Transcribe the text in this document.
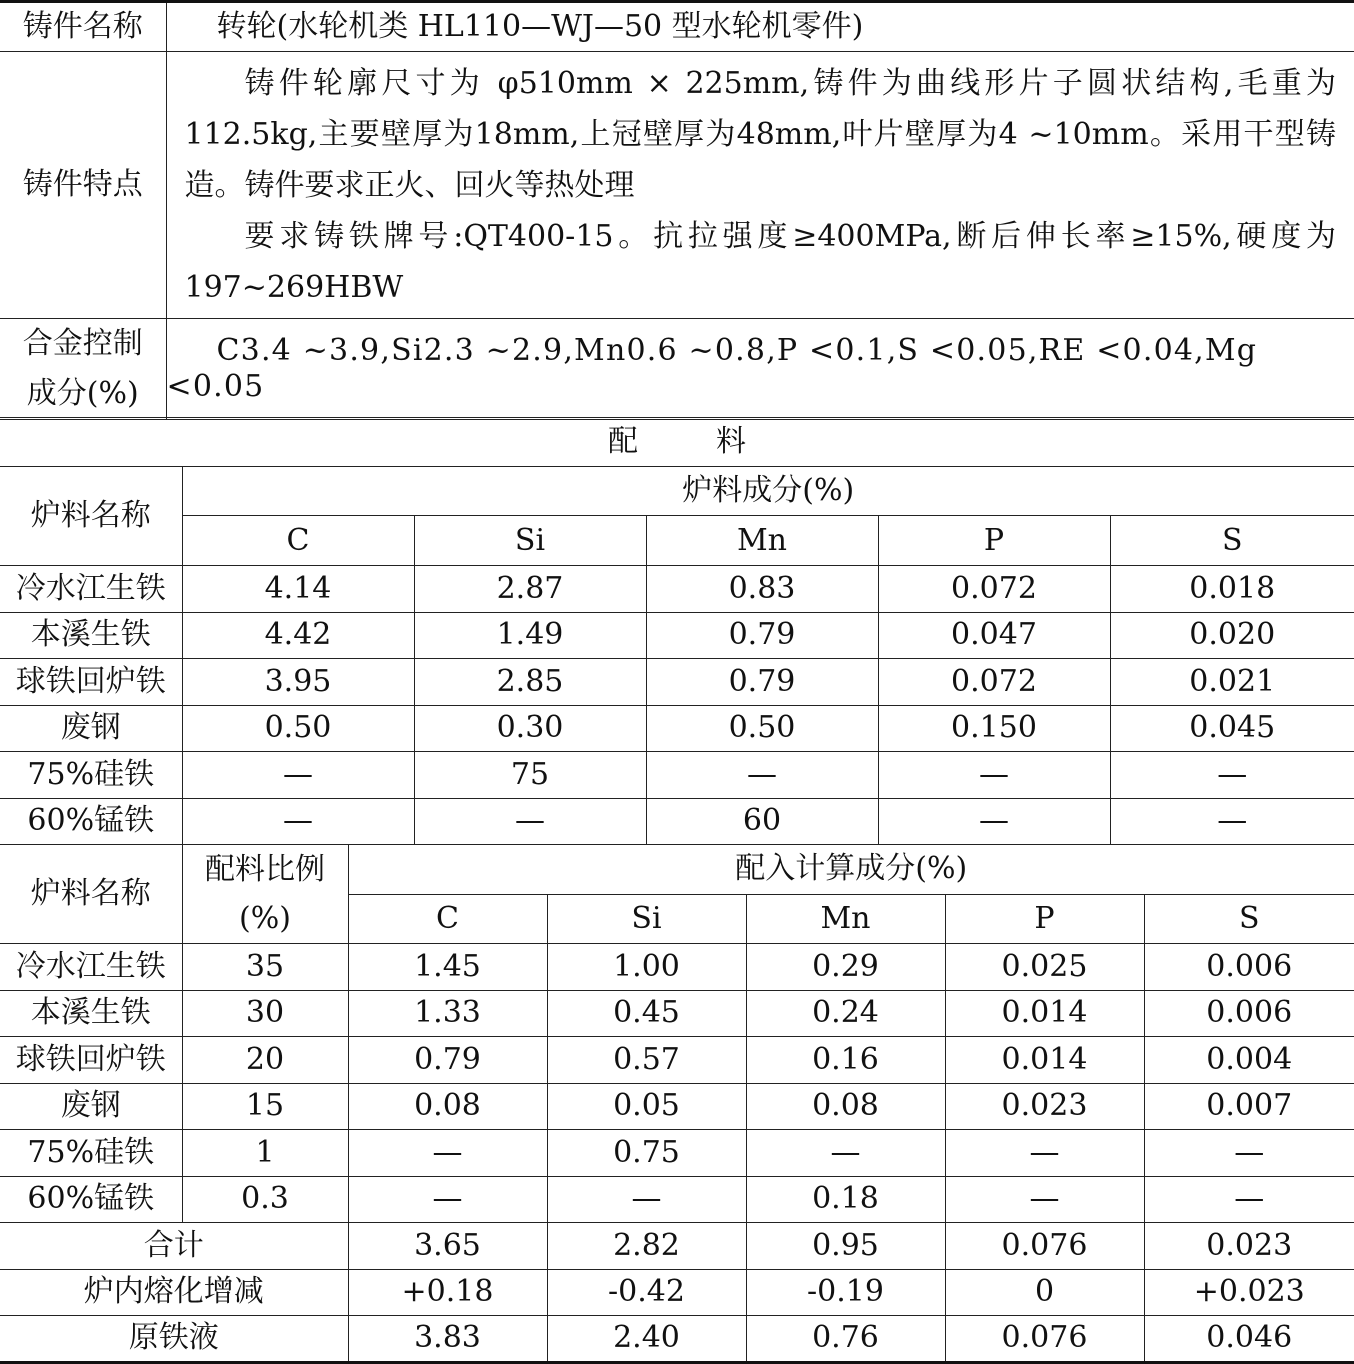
铸件名称	转轮(水轮机类 HL110—WJ—50 型水轮机零件)
铸件特点	铸件轮廓尺寸为 φ510mm × 225mm,铸件为曲线形片子圆状结构,毛重为112.5kg,主要壁厚为18mm,上冠壁厚为48mm,叶片壁厚为4 ~10mm。采用干型铸造。铸件要求正火、回火等热处理

要求铸铁牌号:QT400-15。抗拉强度≥400MPa,断后伸长率≥15%,硬度为197~269HBW

合金控制
成分(%)	C3.4 ~3.9,Si2.3 ~2.9,Mn0.6 ~0.8,P <0.1,S <0.05,RE <0.04,Mg <0.05
配料					
炉料名称	炉料成分(%)				
	C	Si	Mn	P	S
冷水江生铁	4.14	2.87	0.83	0.072	0.018
本溪生铁	4.42	1.49	0.79	0.047	0.020
球铁回炉铁	3.95	2.85	0.79	0.072	0.021
废钢	0.50	0.30	0.50	0.150	0.045
75%硅铁	—	75	—	—	—
60%锰铁	—	—	60	—	—
炉料名称	配料比例
(%)	配入计算成分(%)				
		C	Si	Mn	P	S
冷水江生铁	35	1.45	1.00	0.29	0.025	0.006
本溪生铁	30	1.33	0.45	0.24	0.014	0.006
球铁回炉铁	20	0.79	0.57	0.16	0.014	0.004
废钢	15	0.08	0.05	0.08	0.023	0.007
75%硅铁	1	—	0.75	—	—	—
60%锰铁	0.3	—	—	0.18	—	—
合计		3.65	2.82	0.95	0.076	0.023
炉内熔化增减		+0.18	-0.42	-0.19	0	+0.023
原铁液		3.83	2.40	0.76	0.076	0.046
